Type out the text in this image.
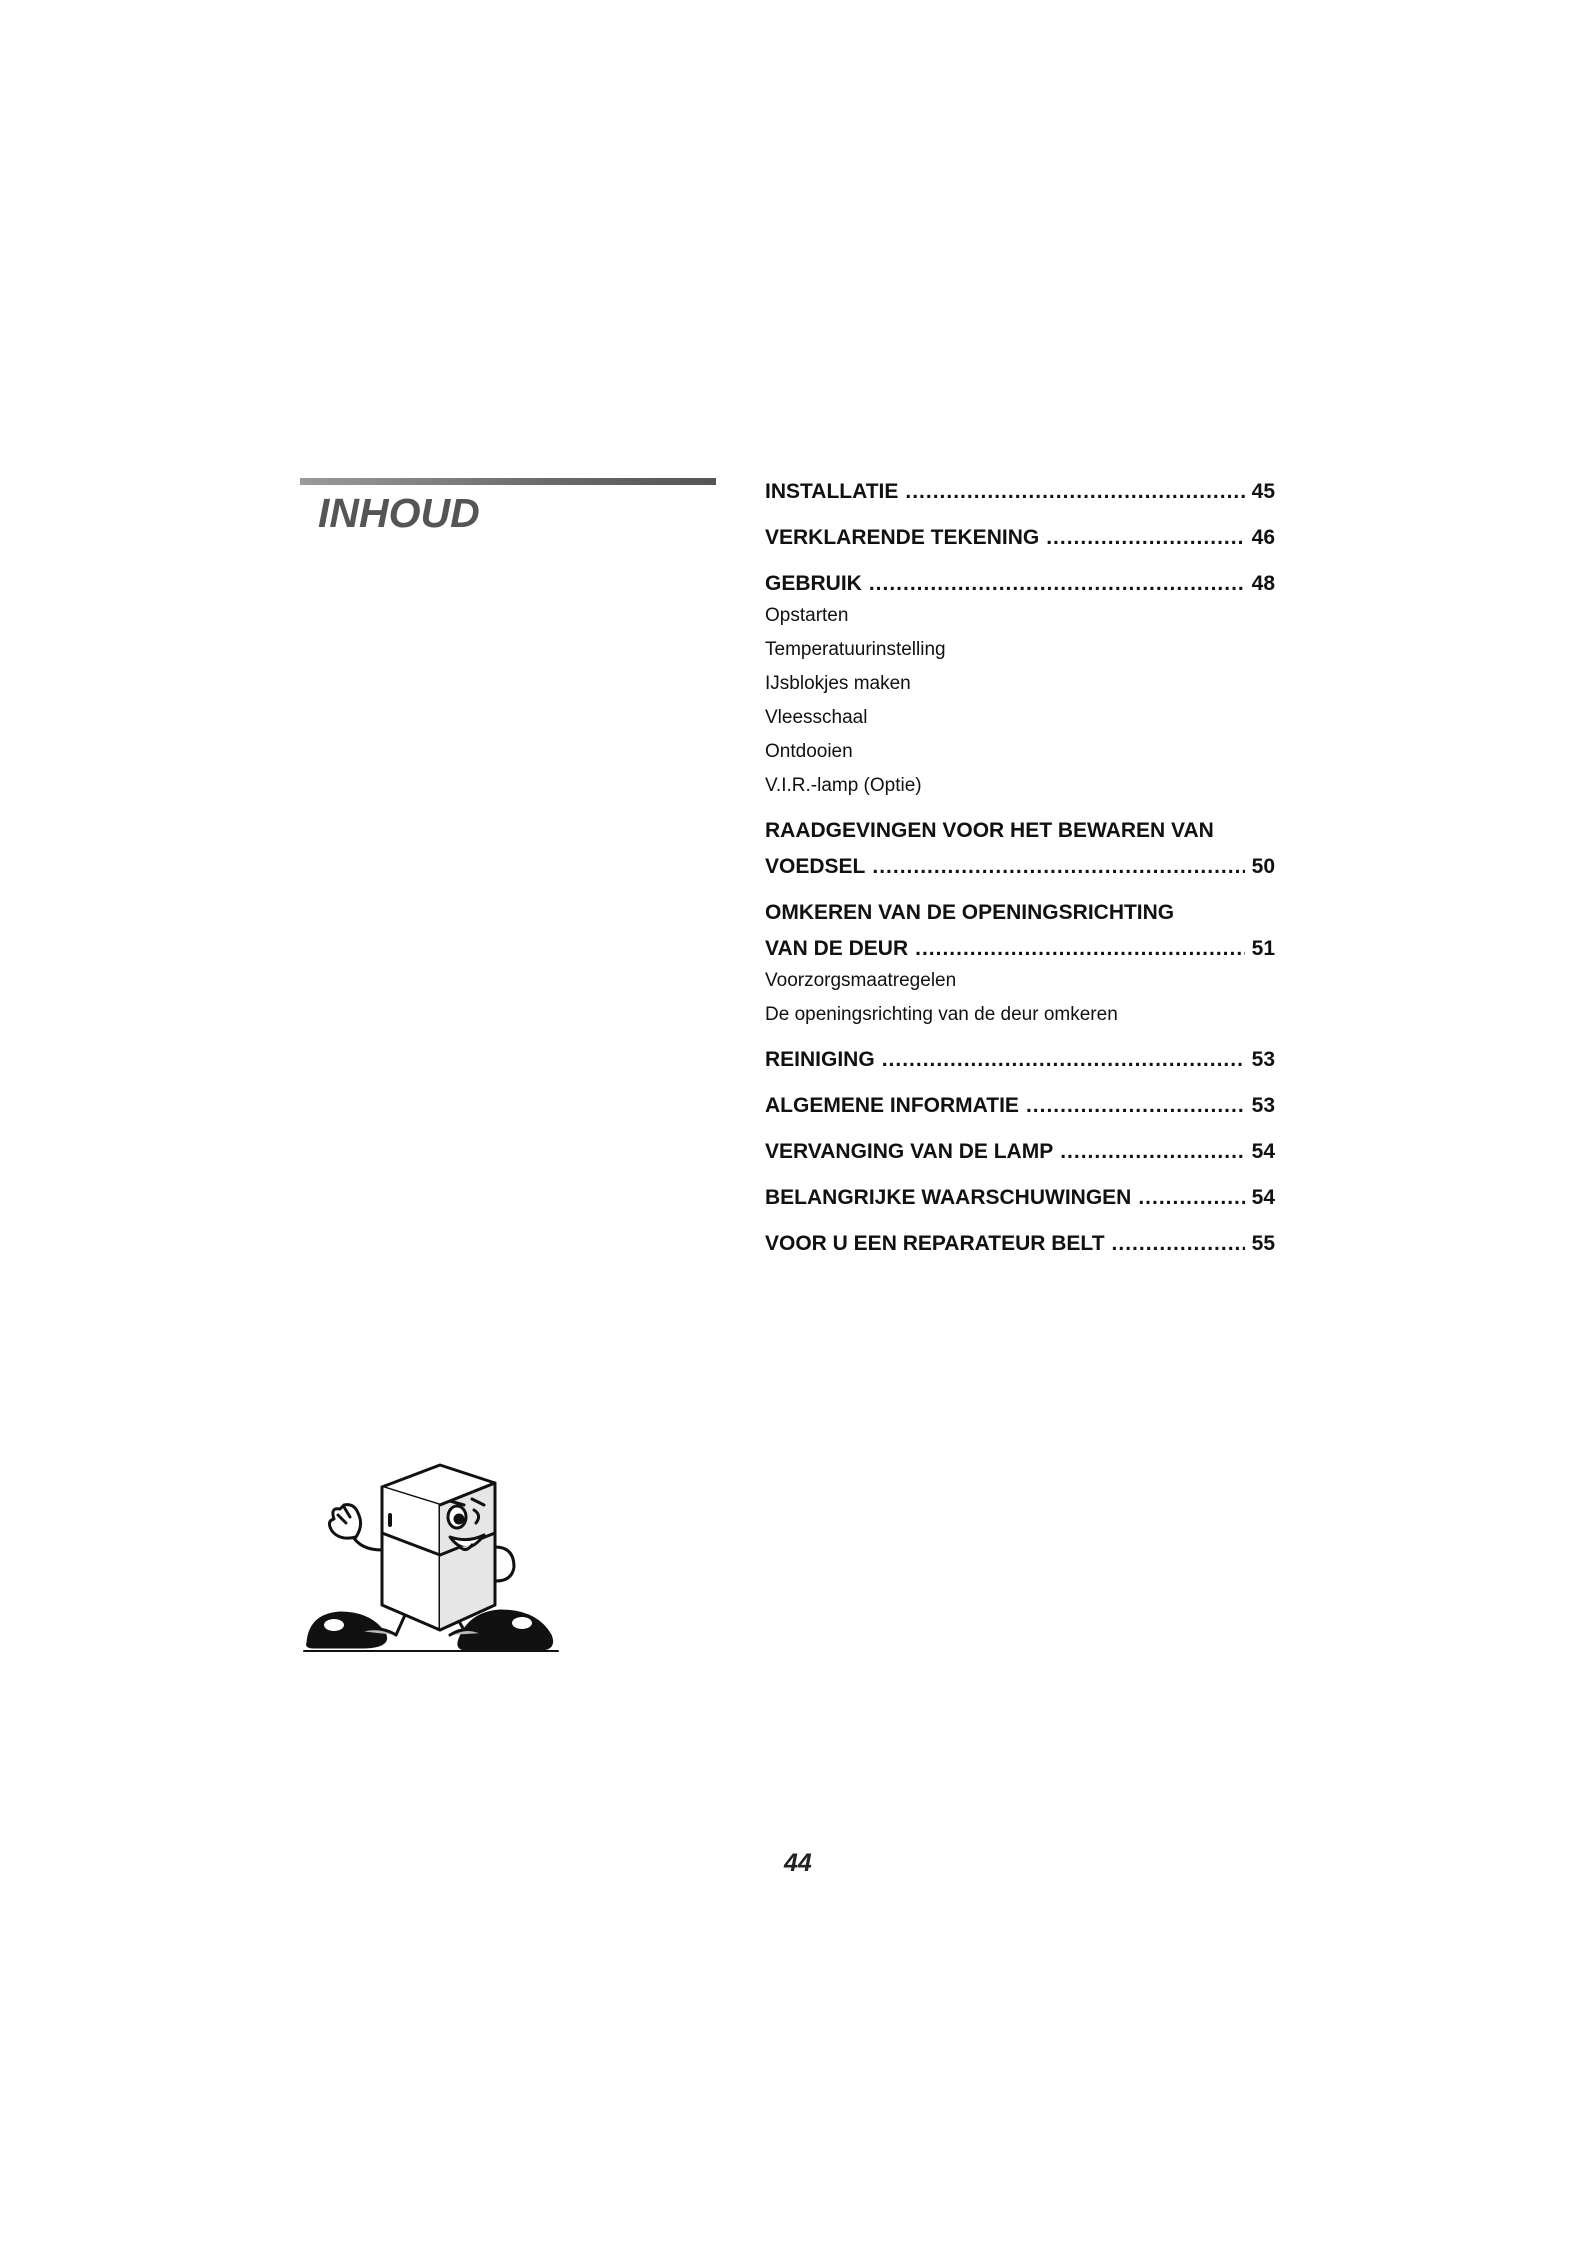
INHOUD	INSTALLATIE .....	45
VERKLARENDE TEKENING .....	46
GEBRUIK .....	48
Opstarten
Temperatuurinstelling
IJsblokjes maken
Vleesschaal
Ontdooien
V.I.R.-lamp (Optie)
RAADGEVINGEN VOOR HET BEWAREN VAN
VOEDSEL .....	50
OMKEREN VAN DE OPENINGSRICHTING
VAN DE DEUR .....	51
Voorzorgsmaatregelen
De openingsrichting van de deur omkeren
REINIGING .....	53
ALGEMENE INFORMATIE .....	53
VERVANGING VAN DE LAMP .....	54
BELANGRIJKE WAARSCHUWINGEN .....	54
VOOR U EEN REPARATEUR BELT .....	55
44
